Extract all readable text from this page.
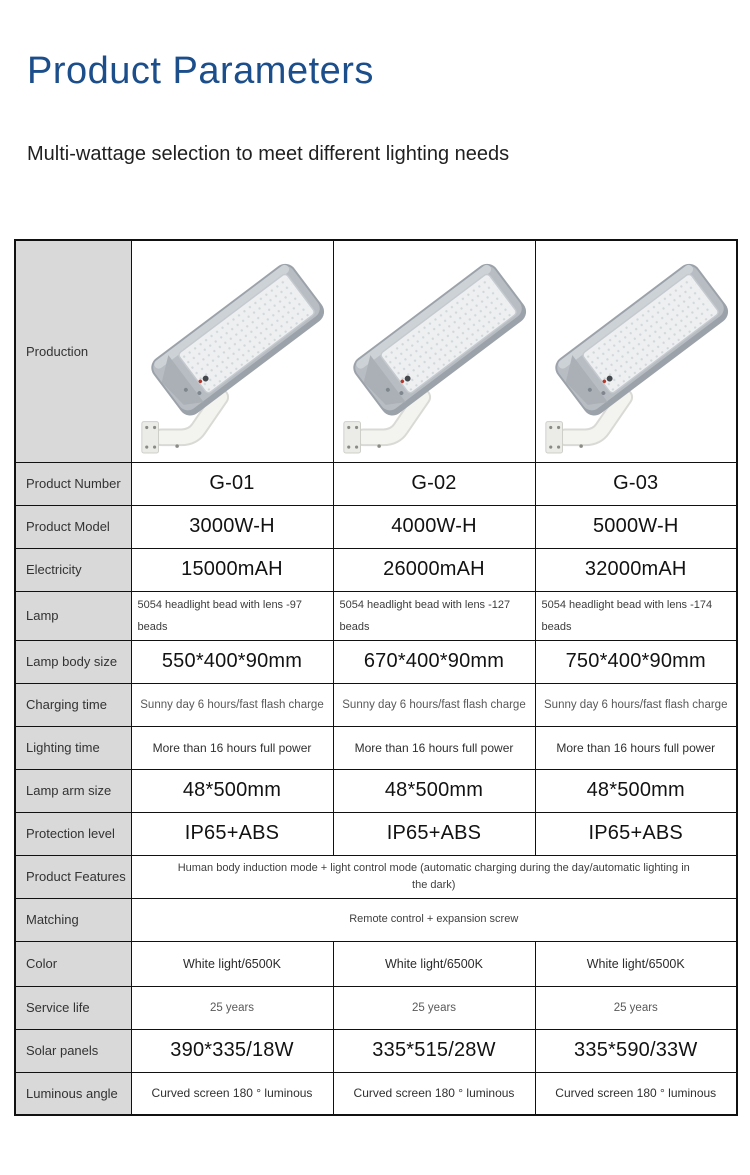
Product Parameters

Multi-wattage selection to meet different lighting needs

Production	

Product Number	G-01	G-02	G-03
Product Model	3000W-H	4000W-H	5000W-H
Electricity	15000mAH	26000mAH	32000mAH
Lamp	5054 headlight bead with lens -97 beads	5054 headlight bead with lens -127 beads	5054 headlight bead with lens -174 beads
Lamp body size	550*400*90mm	670*400*90mm	750*400*90mm
Charging time	Sunny day 6 hours/fast flash charge	Sunny day 6 hours/fast flash charge	Sunny day 6 hours/fast flash charge
Lighting time	More than 16 hours full power	More than 16 hours full power	More than 16 hours full power
Lamp arm size	48*500mm	48*500mm	48*500mm
Protection level	IP65+ABS	IP65+ABS	IP65+ABS
Product Features	Human body induction mode + light control mode (automatic charging during the day/automatic lighting in the dark)		
Matching	Remote control + expansion screw		
Color	White light/6500K	White light/6500K	White light/6500K
Service life	25 years	25 years	25 years
Solar panels	390*335/18W	335*515/28W	335*590/33W
Luminous angle	Curved screen 180 ° luminous	Curved screen 180 ° luminous	Curved screen 180 ° luminous
